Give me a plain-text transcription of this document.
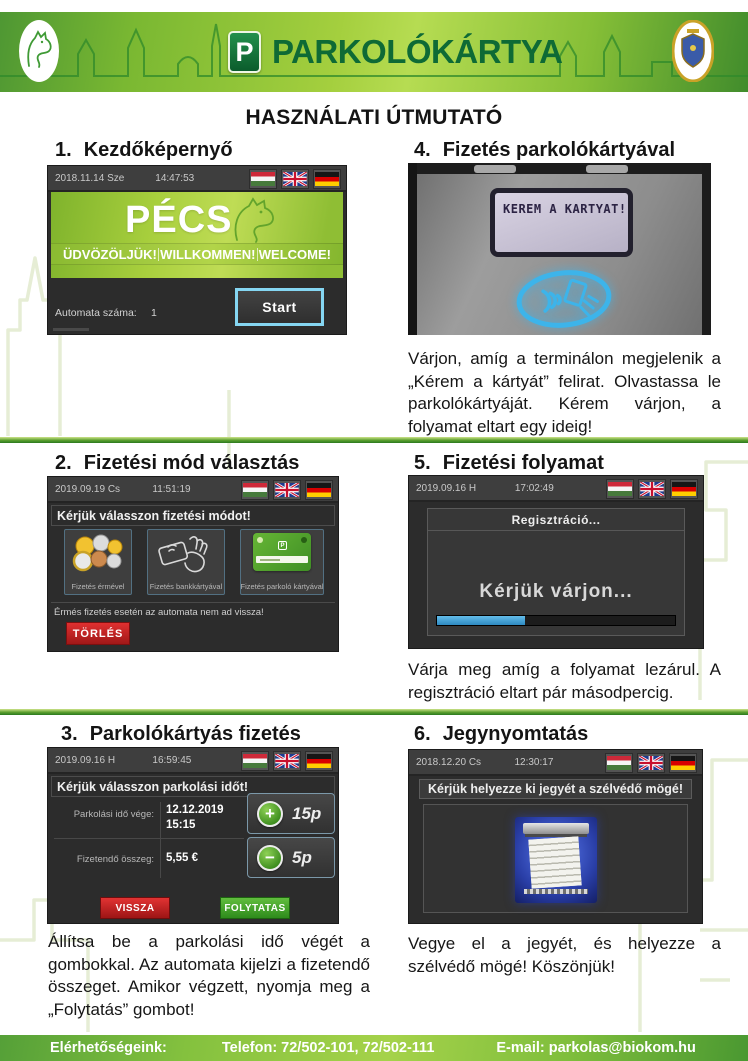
P PARKOLÓKÁRTYA
HASZNÁLATI ÚTMUTATÓ
1. Kezdőképernyő	4. Fizetés parkolókártyával
2. Fizetési mód választás	5. Fizetési folyamat
3. Parkolókártyás fizetés	6. Jegynyomtatás
2018.11.14 Sze	14:47:53
PÉCS
ÜDVÖZÖLJÜK! WILLKOMMEN! WELCOME!
Automata száma: 1	Start
KEREM A KARTYAT!
Várjon, amíg a terminálon megjelenik a „Kérem a kártyát” felirat. Olvastassa le parkolókártyáját. Kérem várjon, a folyamat eltart egy ideig!
2019.09.19 Cs	11:51:19
Kérjük válasszon fizetési módot!
Fizetés érmével	Fizetés bankkártyával
P
Fizetés parkoló kártyával
Érmés fizetés esetén az automata nem ad vissza!
TÖRLÉS
2019.09.16 H	17:02:49
Regisztráció...
Kérjük várjon...
Várja meg amíg a folyamat lezárul. A regisztráció eltart pár másodpercig.
2019.09.16 H	16:59:45
Kérjük válasszon parkolási időt!
Parkolási idő vége: 12.12.2019
15:15
Fizetendő összeg: 5,55 €
+	15p
−	5p
VISSZA	FOLYTATAS
Állítsa be a parkolási idő végét a gombokkal. Az automata kijelzi a fizetendő összeget. Amikor végzett, nyomja meg a „Folytatás” gombot!
2018.12.20 Cs	12:30:17
Kérjük helyezze ki jegyét a szélvédő mögé!
Vegye el a jegyét, és helyezze a szélvédő mögé! Köszönjük!
Elérhetőségeink:	Telefon: 72/502-101, 72/502-111	E-mail: parkolas@biokom.hu
